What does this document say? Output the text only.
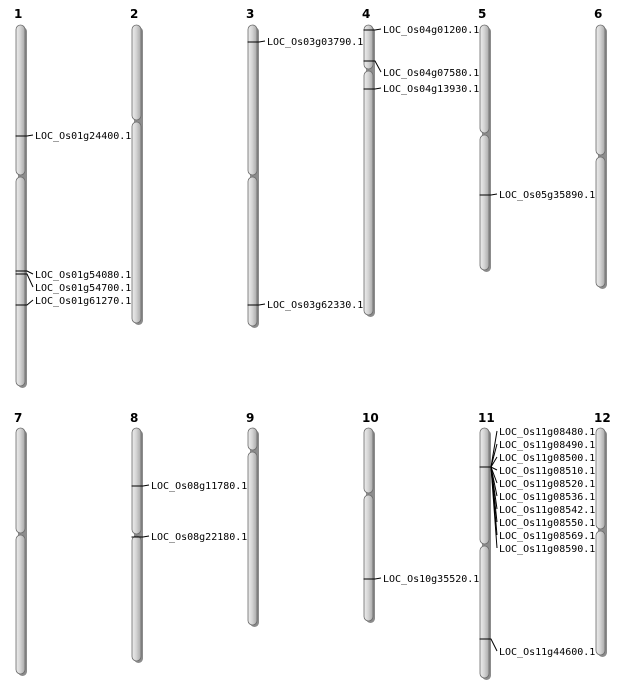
1
LOC_Os01g24400.1
LOC_Os01g54080.1
LOC_Os01g54700.1
LOC_Os01g61270.1
2	3
LOC_Os03g03790.1
LOC_Os03g62330.1
4
LOC_Os04g01200.1
LOC_Os04g07580.1
LOC_Os04g13930.1
5
LOC_Os05g35890.1
6
7	8
LOC_Os08g11780.1
LOC_Os08g22180.1
9	10
LOC_Os10g35520.1
11
LOC_Os11g08480.1
LOC_Os11g08490.1
LOC_Os11g08500.1
LOC_Os11g08510.1
LOC_Os11g08520.1
LOC_Os11g08536.1
LOC_Os11g08542.1
LOC_Os11g08550.1
LOC_Os11g08569.1
LOC_Os11g08590.1
LOC_Os11g44600.1
12
